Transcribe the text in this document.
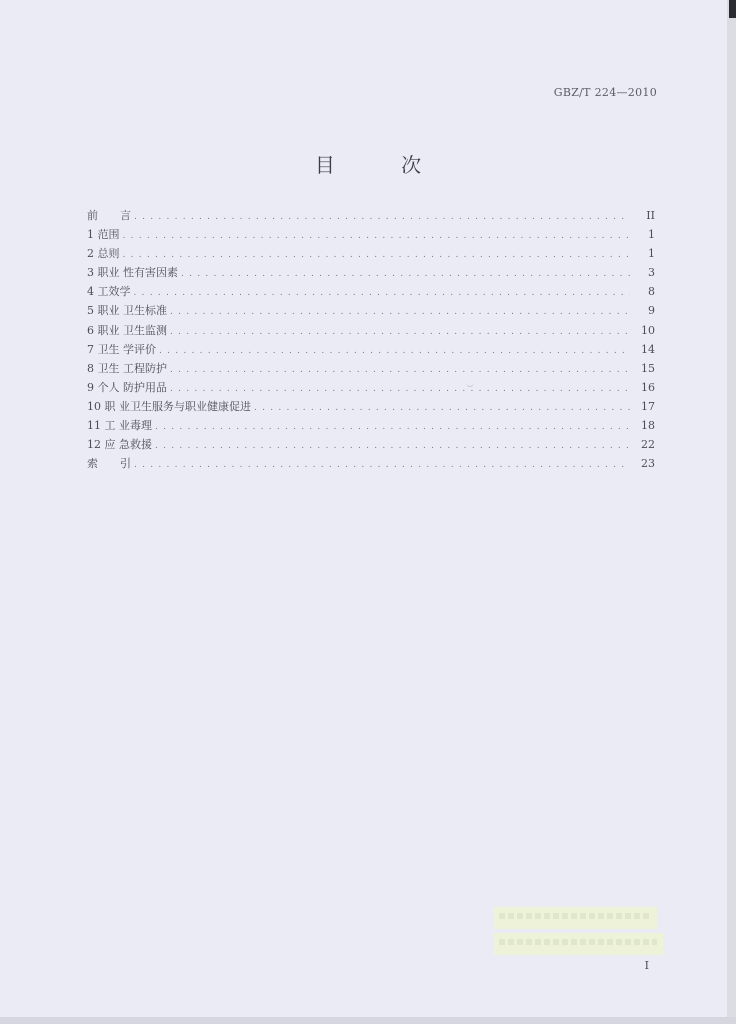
GBZ/T 224—2010
目 次
前　　言 . . .	II
1 范围 . . .	1
2 总则 . . .	1
3 职业 性有害因素 . . .	3
4 工效学 . . .	8
5 职业 卫生标准 . . .	9
6 职业 卫生监测 . . .	10
7 卫生 学评价 . . .	14
8 卫生 工程防护 . . .	15
9 个人 防护用品 . . .	16
10 职 业卫生服务与职业健康促进 . . .	17
11 工 业毒理 . . .	18
12 应 急救援 . . .	22
索　　引 . . .	23
I
